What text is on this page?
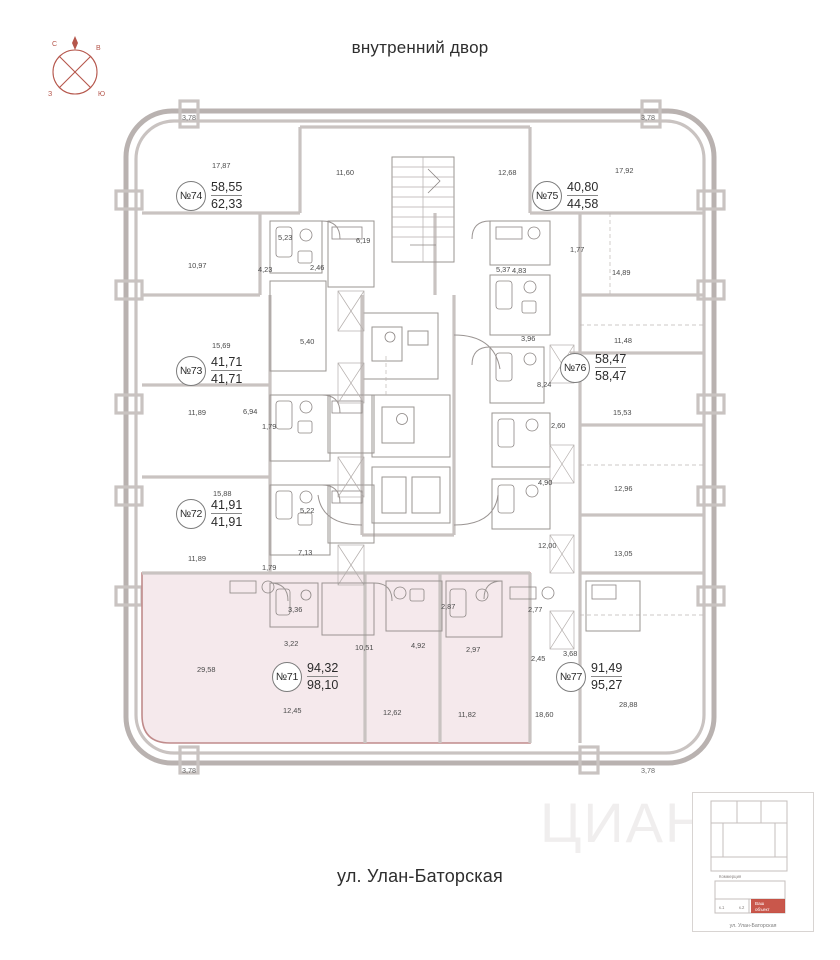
внутренний двор
С
В
Ю
З
№74
58,55
62,33
№75
40,80
44,58
№73
41,71
41,71
№76
58,47
58,47
№72
41,91
41,91
№71
94,32
98,10
№77
91,49
95,27
17,87
11,60	12,68	17,92
10,97
5,23
4,23	2,46
6,19
1,77
5,37 4,83	14,89
5,40	3,96	11,48
15,69
11,89	6,94
1,79
8,24
2,60
15,53
15,88
5,22
4,90
12,96
11,89
7,13
1,79
12,00
13,05
3,36	2,87	2,77
29,58
3,22	10,51	4,92	2,97
2,45
3,68
28,88
12,45	12,62	11,82	18,60
3,78	3,78
3,78	3,78
ЦИАН
Ваш
объект
Коммерция
к.1	к.2
ул. Улан-Баторская
ул. Улан-Баторская
